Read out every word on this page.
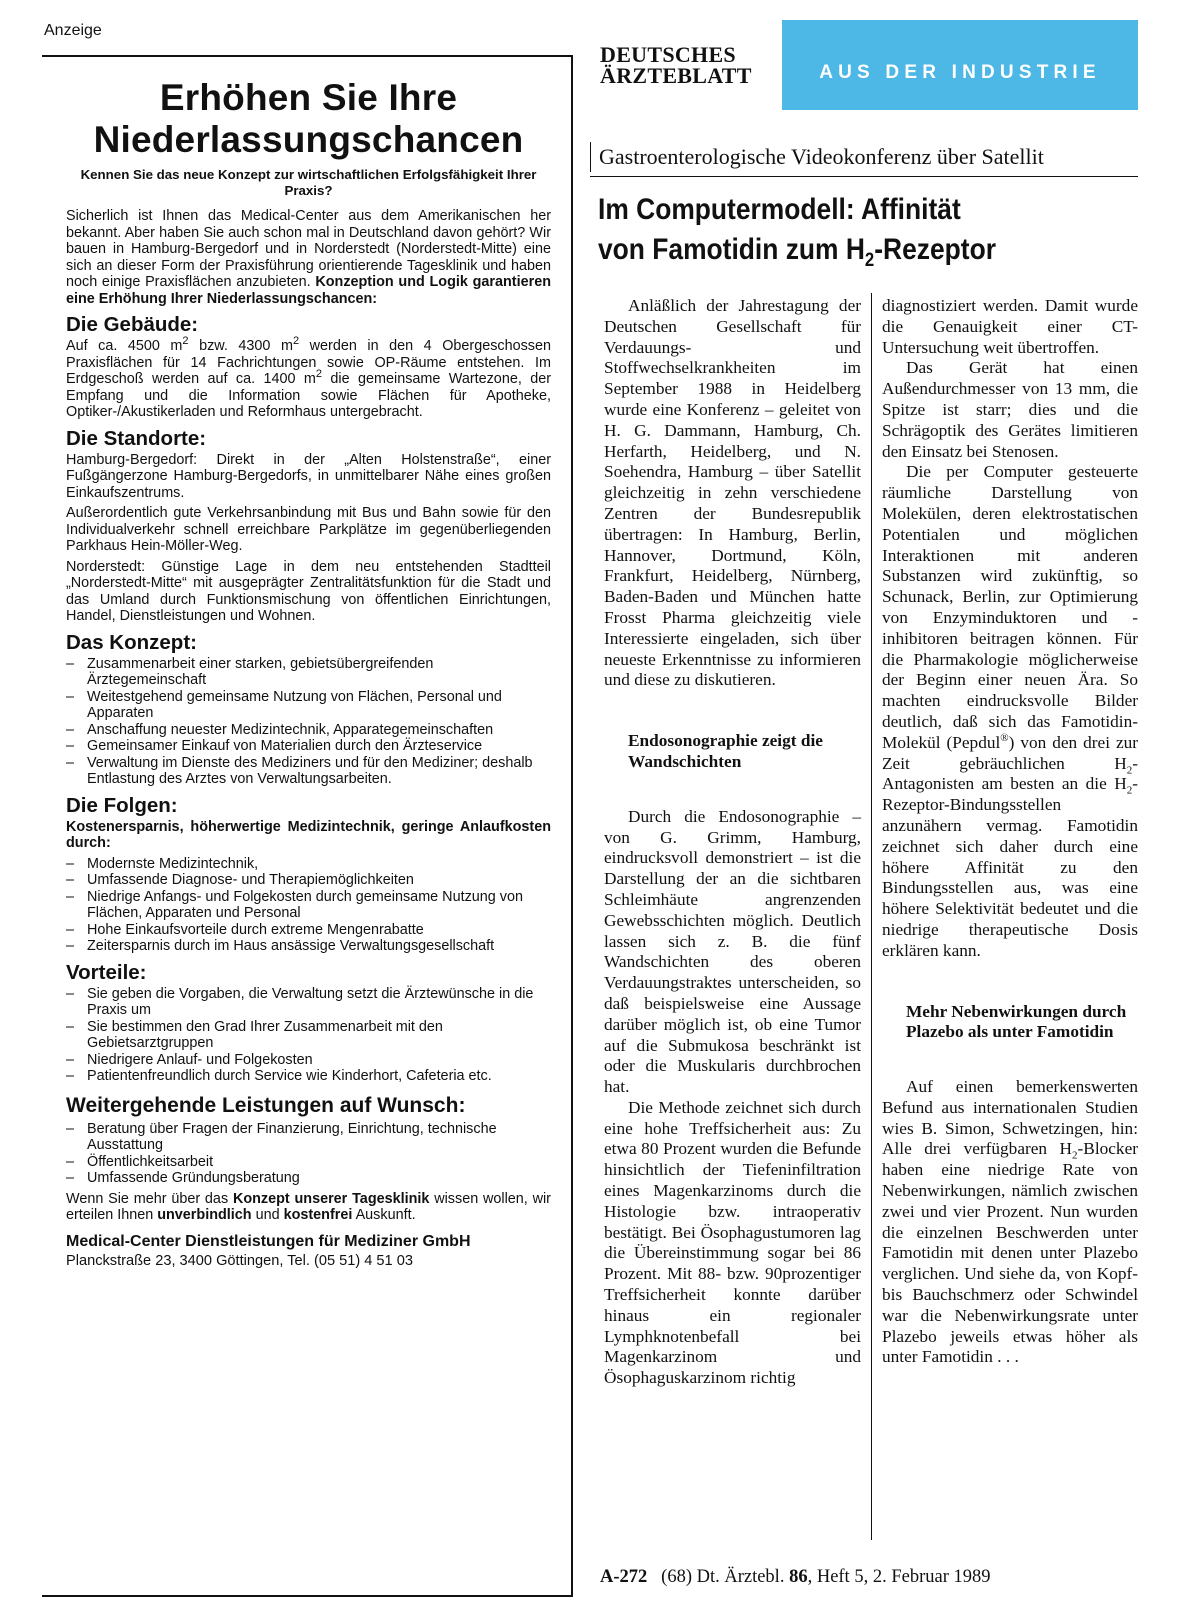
Anzeige
Erhöhen Sie Ihre Niederlassungschancen

Kennen Sie das neue Konzept zur wirtschaftlichen Erfolgsfähigkeit Ihrer Praxis?

Sicherlich ist Ihnen das Medical-Center aus dem Amerikanischen her bekannt. Aber haben Sie auch schon mal in Deutschland davon gehört? Wir bauen in Hamburg-Bergedorf und in Norderstedt (Norderstedt-Mitte) eine sich an dieser Form der Praxisführung orientierende Tagesklinik und haben noch einige Praxisflächen anzubieten. Konzeption und Logik garantieren eine Erhöhung Ihrer Niederlassungschancen:

Die Gebäude:

Auf ca. 4500 $m^2$ bzw. 4300 $m^2$ werden in den 4 Obergeschossen Praxisflächen für 14 Fachrichtungen sowie OP-Räume entstehen. Im Erdgeschoß werden auf ca. 1400 $m^2$ die gemeinsame Wartezone, der Empfang und die Information sowie Flächen für Apotheke, Optiker-/Akustikerladen und Reformhaus untergebracht.

Die Standorte:

Hamburg-Bergedorf: Direkt in der „Alten Holstenstraße“, einer Fußgängerzone Hamburg-Bergedorfs, in unmittelbarer Nähe eines großen Einkaufszentrums.

Außerordentlich gute Verkehrsanbindung mit Bus und Bahn sowie für den Individualverkehr schnell erreichbare Parkplätze im gegenüberliegenden Parkhaus Hein-Möller-Weg.

Norderstedt: Günstige Lage in dem neu entstehenden Stadtteil „Norderstedt-Mitte“ mit ausgeprägter Zentralitätsfunktion für die Stadt und das Umland durch Funktionsmischung von öffentlichen Einrichtungen, Handel, Dienstleistungen und Wohnen.

Das Konzept:
– Zusammenarbeit einer starken, gebietsübergreifenden Ärztegemeinschaft
– Weitestgehend gemeinsame Nutzung von Flächen, Personal und Apparaten
– Anschaffung neuester Medizintechnik, Apparategemeinschaften
– Gemeinsamer Einkauf von Materialien durch den Ärzteservice
– Verwaltung im Dienste des Mediziners und für den Mediziner; deshalb Entlastung des Arztes von Verwaltungsarbeiten.
Die Folgen:

Kostenersparnis, höherwertige Medizintechnik, geringe Anlaufkosten durch:

– Modernste Medizintechnik,
– Umfassende Diagnose- und Therapiemöglichkeiten
– Niedrige Anfangs- und Folgekosten durch gemeinsame Nutzung von Flächen, Apparaten und Personal
– Hohe Einkaufsvorteile durch extreme Mengenrabatte
– Zeitersparnis durch im Haus ansässige Verwaltungsgesellschaft
Vorteile:
– Sie geben die Vorgaben, die Verwaltung setzt die Ärztewünsche in die Praxis um
– Sie bestimmen den Grad Ihrer Zusammenarbeit mit den Gebietsarztgruppen
– Niedrigere Anlauf- und Folgekosten
– Patientenfreundlich durch Service wie Kinderhort, Cafeteria etc.
Weitergehende Leistungen auf Wunsch:
– Beratung über Fragen der Finanzierung, Einrichtung, technische Ausstattung
– Öffentlichkeitsarbeit
– Umfassende Gründungsberatung

Wenn Sie mehr über das Konzept unserer Tagesklinik wissen wollen, wir erteilen Ihnen unverbindlich und kostenfrei Auskunft.

Medical-Center Dienstleistungen für Mediziner GmbH

Planckstraße 23, 3400 Göttingen, Tel. (05 51) 4 51 03

DEUTSCHES
ÄRZTEBLATT	AUS DER INDUSTRIE
Gastroenterologische Videokonferenz über Satellit
Im Computermodell: Affinität
von Famotidin zum $H_2$-Rezeptor

Anläßlich der Jahrestagung der Deutschen Gesellschaft für Verdauungs- und Stoffwechselkrankheiten im September 1988 in Heidelberg wurde eine Konferenz – geleitet von H. G. Dammann, Hamburg, Ch. Herfarth, Heidelberg, und N. Soehendra, Hamburg – über Satellit gleichzeitig in zehn verschiedene Zentren der Bundesrepublik übertragen: In Hamburg, Berlin, Hannover, Dortmund, Köln, Frankfurt, Heidelberg, Nürnberg, Baden-Baden und München hatte Frosst Pharma gleichzeitig viele Interessierte eingeladen, sich über neueste Erkenntnisse zu informieren und diese zu diskutieren.

Endosonographie zeigt die Wandschichten

Durch die Endosonographie – von G. Grimm, Hamburg, eindrucksvoll demonstriert – ist die Darstellung der an die sichtbaren Schleimhäute angrenzenden Gewebsschichten möglich. Deutlich lassen sich z. B. die fünf Wandschichten des oberen Verdauungstraktes unterscheiden, so daß beispielsweise eine Aussage darüber möglich ist, ob eine Tumor auf die Submukosa beschränkt ist oder die Muskularis durchbrochen hat.

Die Methode zeichnet sich durch eine hohe Treffsicherheit aus: Zu etwa 80 Prozent wurden die Befunde hinsichtlich der Tiefeninfiltration eines Magenkarzinoms durch die Histologie bzw. intraoperativ bestätigt. Bei Ösophagustumoren lag die Übereinstimmung sogar bei 86 Prozent. Mit 88- bzw. 90prozentiger Treffsicherheit konnte darüber hinaus ein regionaler Lymphknotenbefall bei Magenkarzinom und Ösophaguskarzinom richtig

diagnostiziert werden. Damit wurde die Genauigkeit einer CT-Untersuchung weit übertroffen.

Das Gerät hat einen Außendurchmesser von 13 mm, die Spitze ist starr; dies und die Schrägoptik des Gerätes limitieren den Einsatz bei Stenosen.

Die per Computer gesteuerte räumliche Darstellung von Molekülen, deren elektrostatischen Potentialen und möglichen Interaktionen mit anderen Substanzen wird zukünftig, so Schunack, Berlin, zur Optimierung von Enzyminduktoren und -inhibitoren beitragen können. Für die Pharmakologie möglicherweise der Beginn einer neuen Ära. So machten eindrucksvolle Bilder deutlich, daß sich das Famotidin-Molekül (Pepdul®) von den drei zur Zeit gebräuchlichen $H_2$-Antagonisten am besten an die $H_2-Rezeptor$-Bindungsstellen anzunähern vermag. Famotidin zeichnet sich daher durch eine höhere Affinität zu den Bindungsstellen aus, was eine höhere Selektivität bedeutet und die niedrige therapeutische Dosis erklären kann.

Mehr Nebenwirkungen durch Plazebo als unter Famotidin

Auf einen bemerkenswerten Befund aus internationalen Studien wies B. Simon, Schwetzingen, hin: Alle drei verfügbaren $H_2$-Blocker haben eine niedrige Rate von Nebenwirkungen, nämlich zwischen zwei und vier Prozent. Nun wurden die einzelnen Beschwerden unter Famotidin mit denen unter Plazebo verglichen. Und siehe da, von Kopf- bis Bauchschmerz oder Schwindel war die Nebenwirkungsrate unter Plazebo jeweils etwas höher als unter Famotidin . . .

A-272 (68) Dt. Ärztebl. 86, Heft 5, 2. Februar 1989
